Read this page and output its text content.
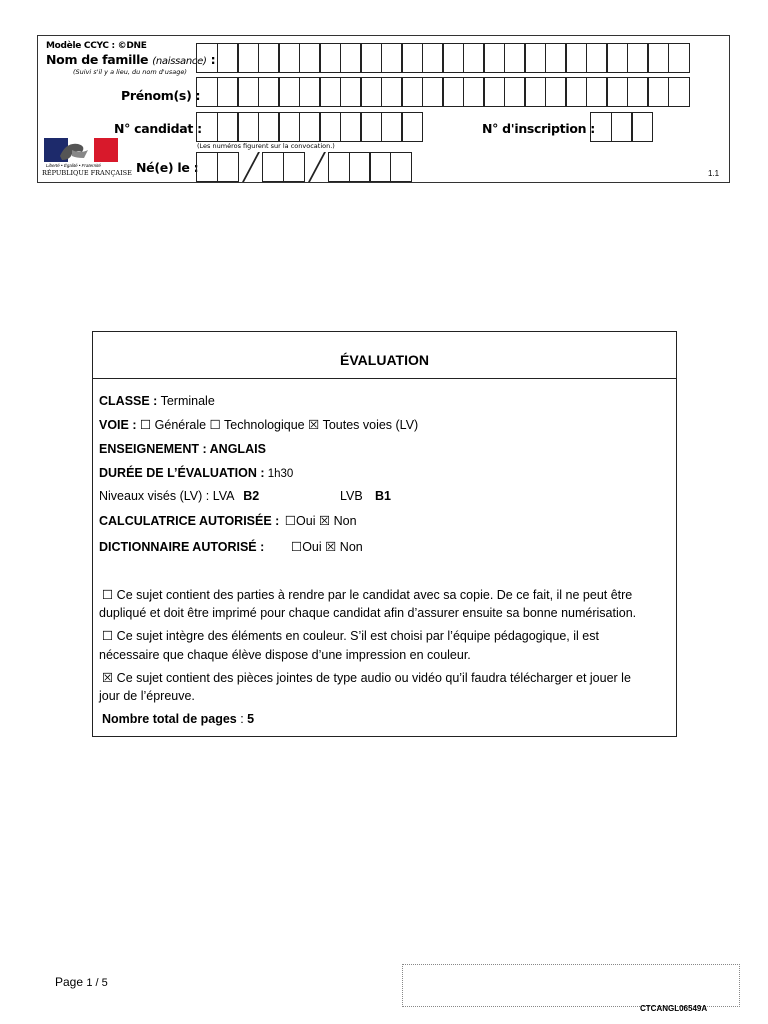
Modèle CCYC : ©DNE
Nom de famille (naissance) :
(Suivi s'il y a lieu, du nom d'usage)
Prénom(s) :
N° candidat :
(Les numéros figurent sur la convocation.)
N° d'inscription :
Liberté • Égalité • Fraternité
RÉPUBLIQUE FRANÇAISE Né(e) le :	1.1
ÉVALUATION
CLASSE : Terminale
VOIE : ☐ Générale ☐ Technologique ☒ Toutes voies (LV)
ENSEIGNEMENT : ANGLAIS
DURÉE DE L’ÉVALUATION : 1h30
Niveaux visés (LV) : LVA B2	LVB B1
CALCULATRICE AUTORISÉE : ☐Oui ☒ Non
DICTIONNAIRE AUTORISÉ : ☐Oui ☒ Non
☐ Ce sujet contient des parties à rendre par le candidat avec sa copie. De ce fait, il ne peut être
dupliqué et doit être imprimé pour chaque candidat afin d’assurer ensuite sa bonne numérisation.
☐ Ce sujet intègre des éléments en couleur. S’il est choisi par l’équipe pédagogique, il est
nécessaire que chaque élève dispose d’une impression en couleur.
☒ Ce sujet contient des pièces jointes de type audio ou vidéo qu’il faudra télécharger et jouer le
jour de l’épreuve.
Nombre total de pages : 5
Page 1 / 5
CTCANGL06549A
